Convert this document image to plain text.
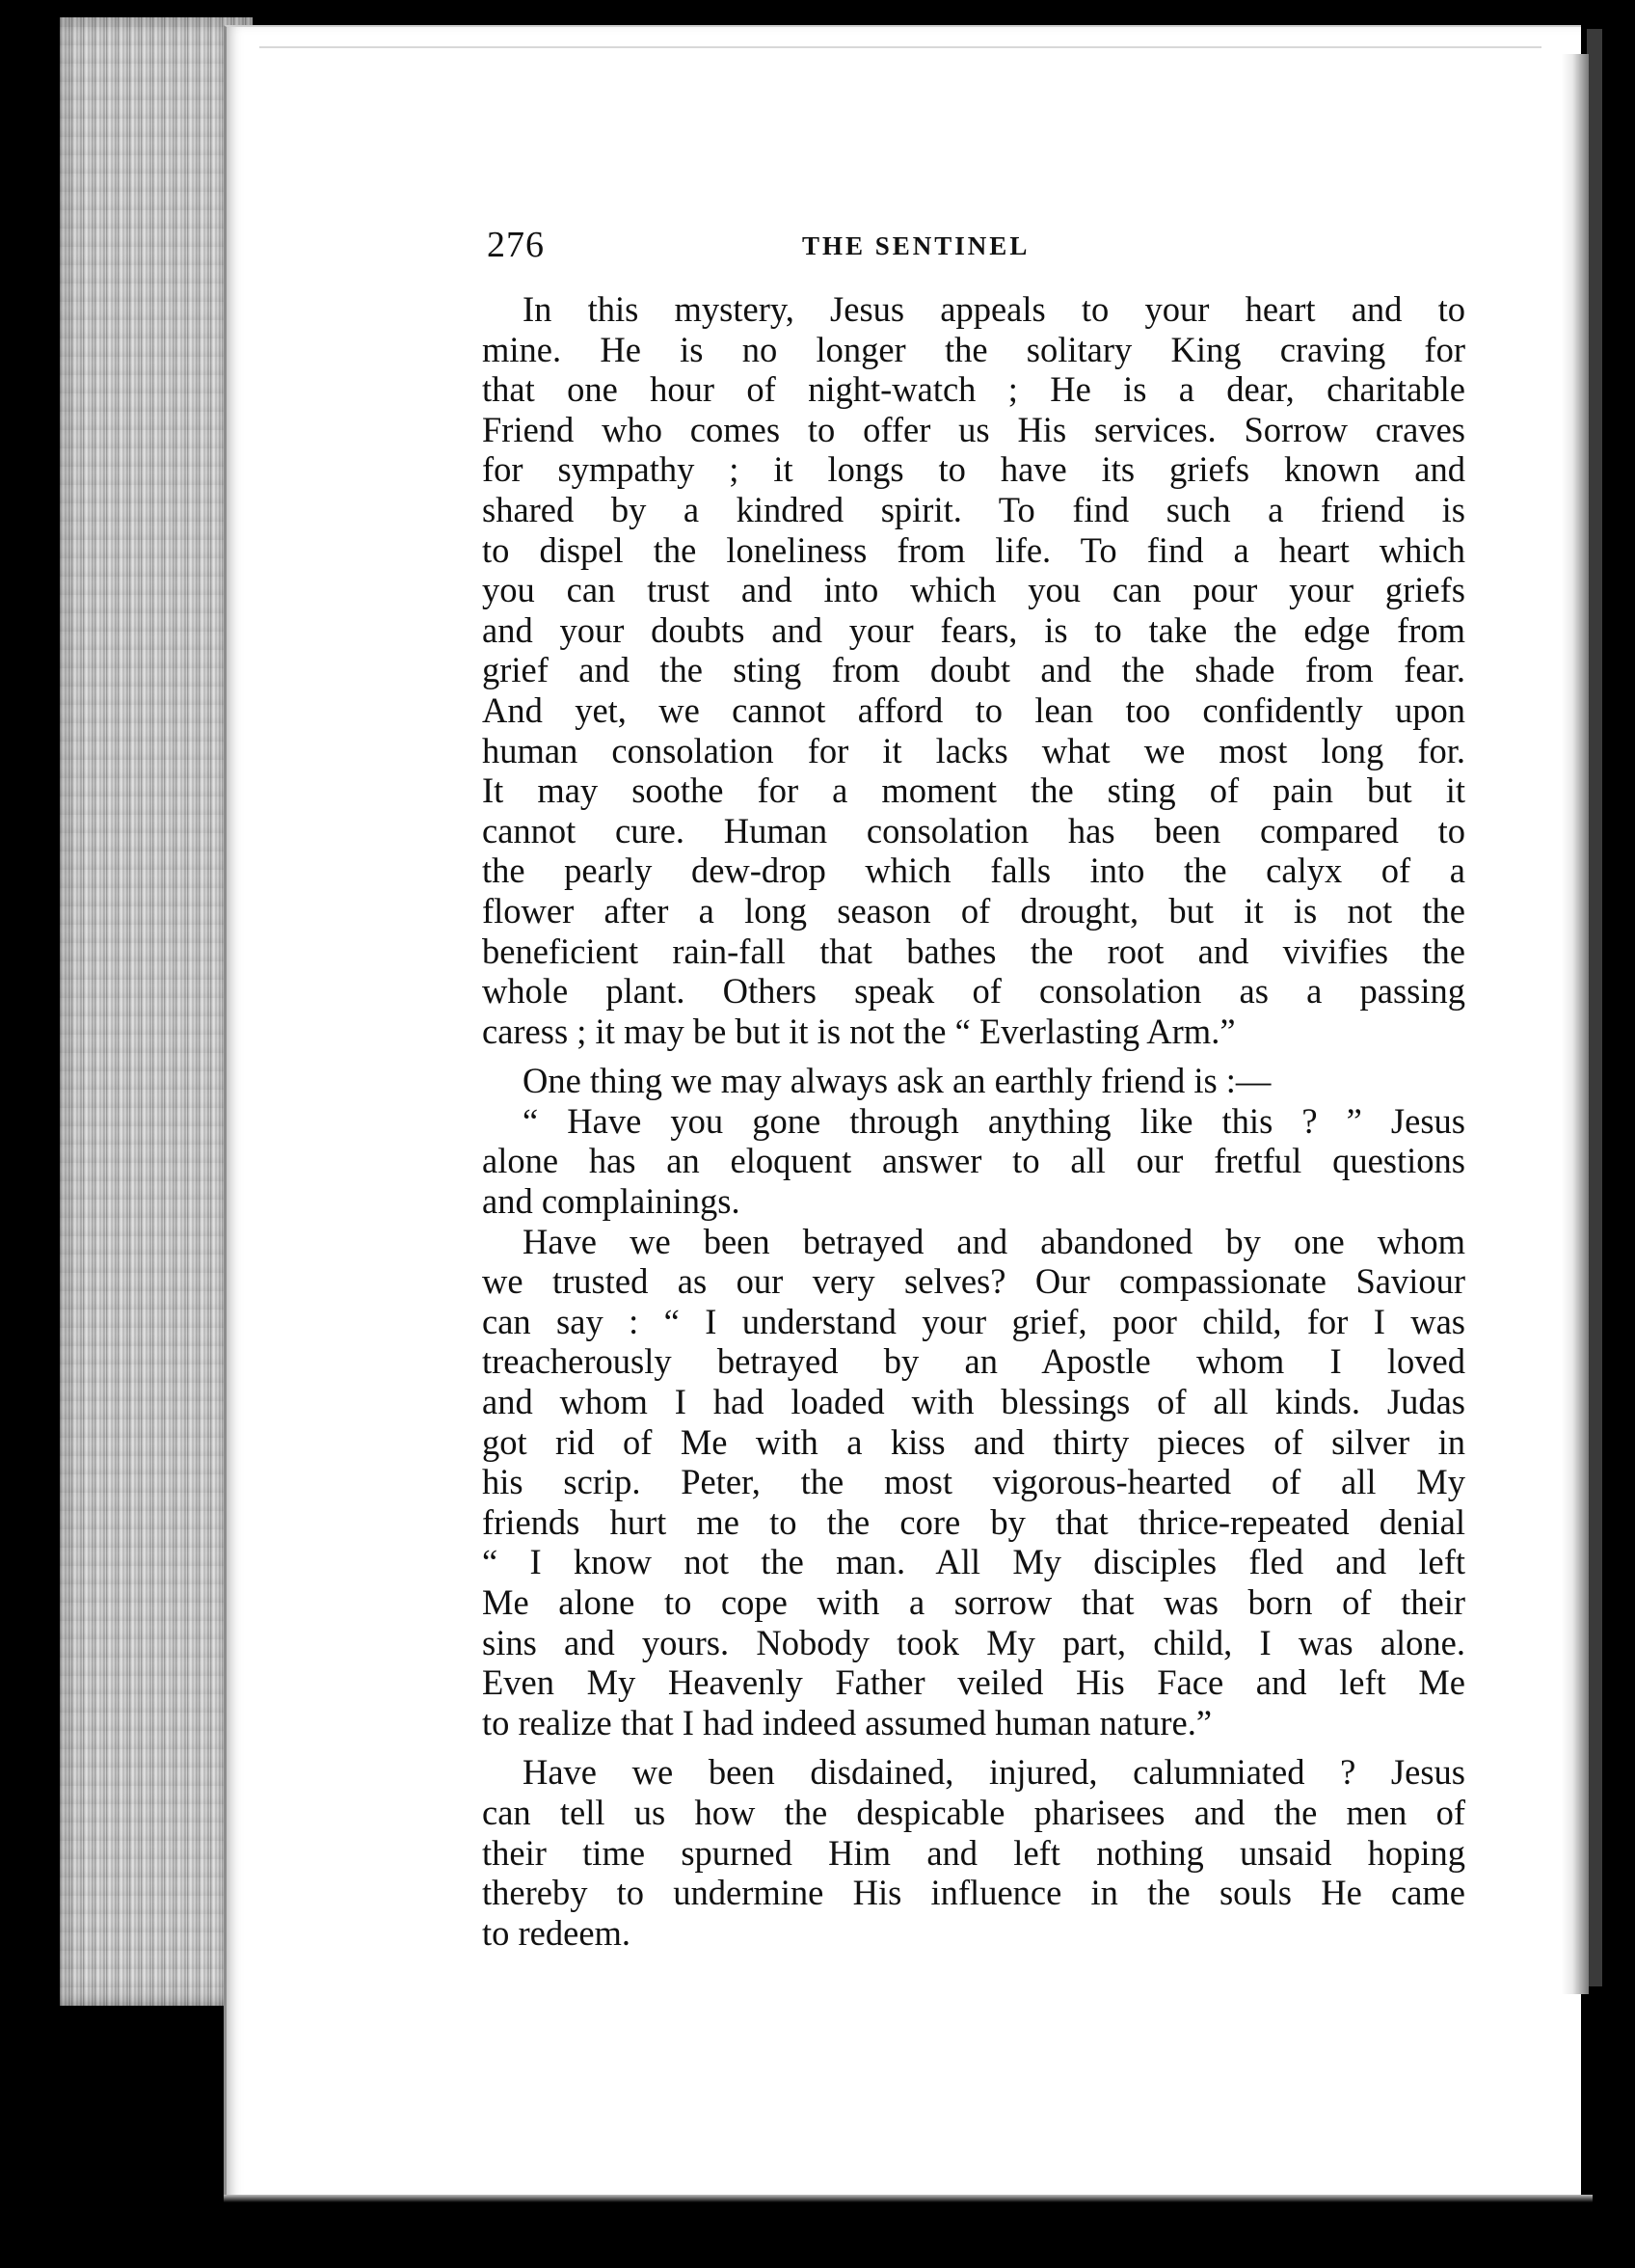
276	THE SENTINEL
In this mystery, Jesus appeals to your heart and to
mine. He is no longer the solitary King craving for
that one hour of night-watch ; He is a dear, charitable
Friend who comes to offer us His services. Sorrow craves
for sympathy ; it longs to have its griefs known and
shared by a kindred spirit. To find such a friend is
to dispel the loneliness from life. To find a heart which
you can trust and into which you can pour your griefs
and your doubts and your fears, is to take the edge from
grief and the sting from doubt and the shade from fear.
And yet, we cannot afford to lean too confidently upon
human consolation for it lacks what we most long for.
It may soothe for a moment the sting of pain but it
cannot cure. Human consolation has been compared to
the pearly dew-drop which falls into the calyx of a
flower after a long season of drought, but it is not the
beneficient rain-fall that bathes the root and vivifies the
whole plant. Others speak of consolation as a passing
caress ; it may be but it is not the “ Everlasting Arm.”
One thing we may always ask an earthly friend is :—
“ Have you gone through anything like this ? ” Jesus
alone has an eloquent answer to all our fretful questions
and complainings.
Have we been betrayed and abandoned by one whom
we trusted as our very selves? Our compassionate Saviour
can say : “ I understand your grief, poor child, for I was
treacherously betrayed by an Apostle whom I loved
and whom I had loaded with blessings of all kinds. Judas
got rid of Me with a kiss and thirty pieces of silver in
his scrip. Peter, the most vigorous-hearted of all My
friends hurt me to the core by that thrice-repeated denial
“ I know not the man. All My disciples fled and left
Me alone to cope with a sorrow that was born of their
sins and yours. Nobody took My part, child, I was alone.
Even My Heavenly Father veiled His Face and left Me
to realize that I had indeed assumed human nature.”
Have we been disdained, injured, calumniated ? Jesus
can tell us how the despicable pharisees and the men of
their time spurned Him and left nothing unsaid hoping
thereby to undermine His influence in the souls He came
to redeem.
